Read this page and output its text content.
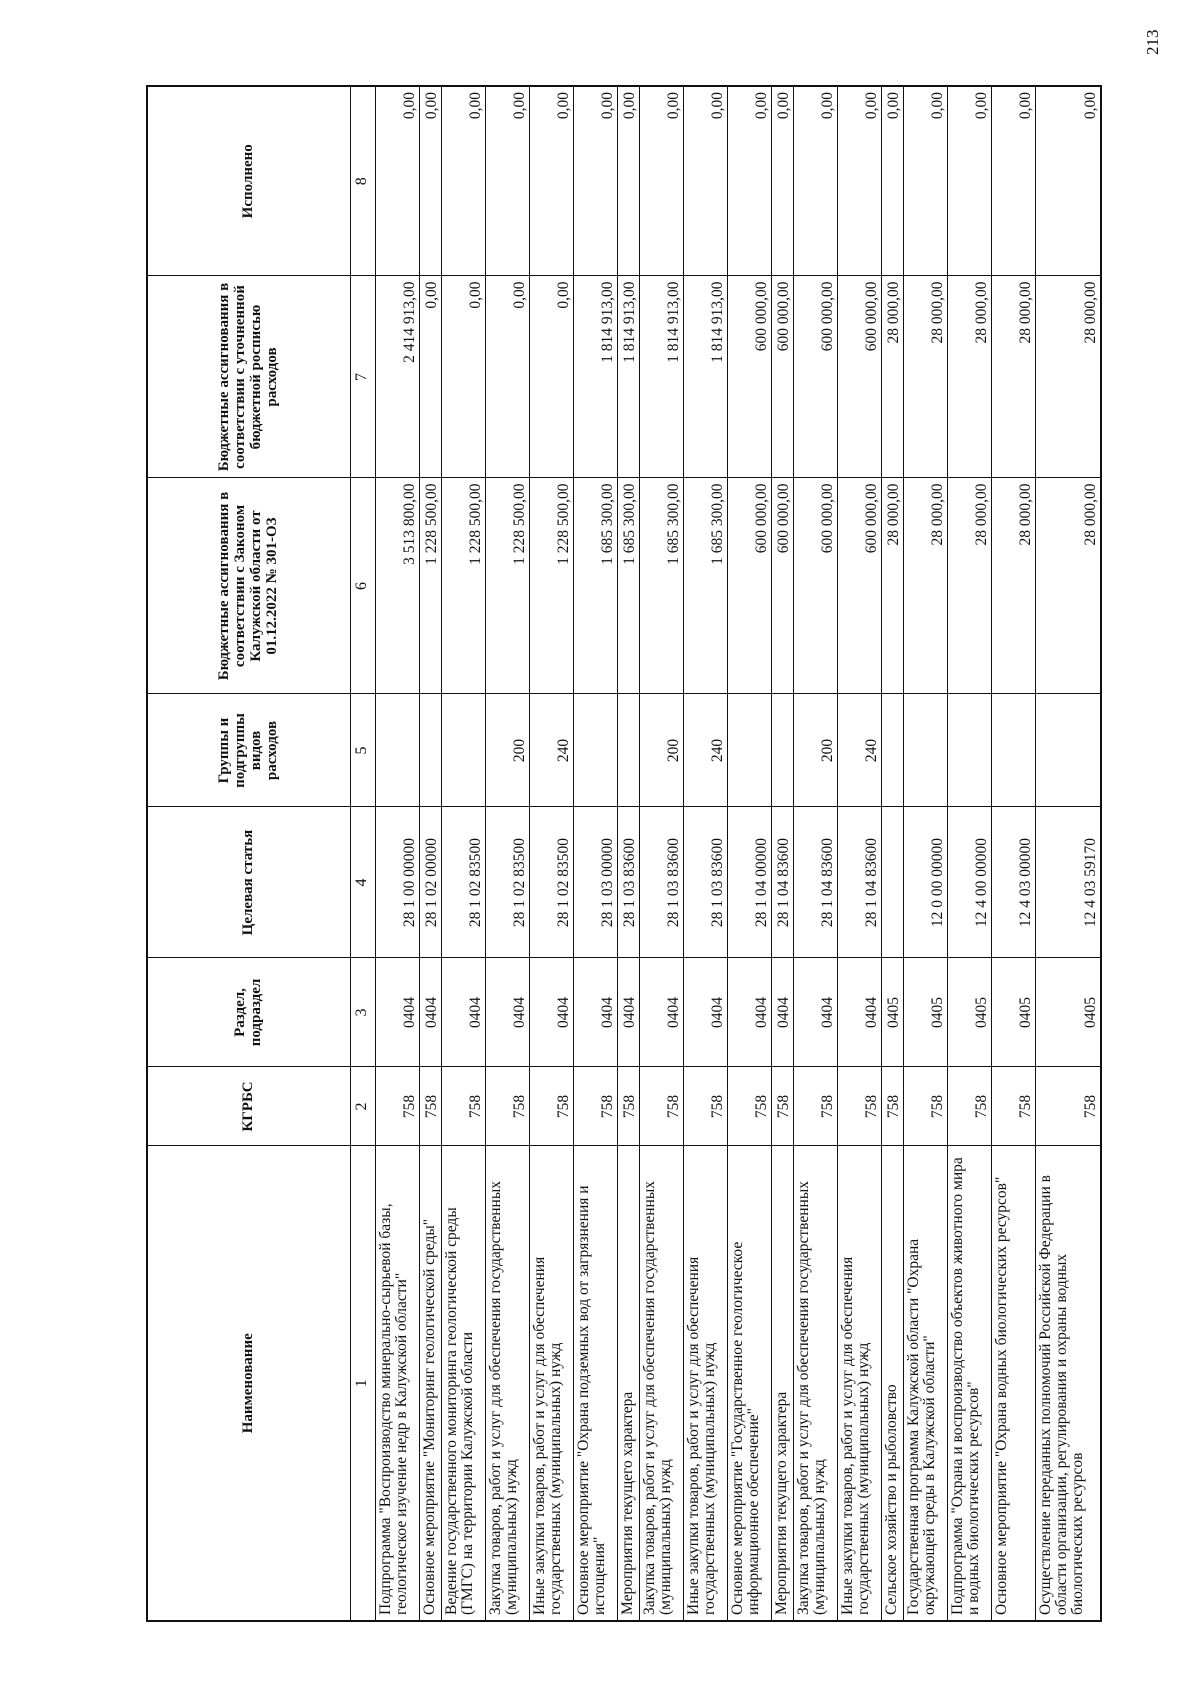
213
Наименование	КГРБС	Раздел, подраздел	Целевая статья	Группы и подгруппы видов расходов	Бюджетные ассигнования в соответствии с Законом Калужской области от 01.12.2022 № 301-ОЗ	Бюджетные ассигнования в соответствии с уточненной бюджетной росписью расходов	Исполнено
1	2	3	4	5	6	7	8
Подпрограмма "Воспроизводство минерально-сырьевой базы, геологическое изучение недр в Калужской области"	758	0404	28 1 00 00000		3 513 800,00	2 414 913,00	0,00
Основное мероприятие "Мониторинг геологической среды"	758	0404	28 1 02 00000		1 228 500,00	0,00	0,00
Ведение государственного мониторинга геологической среды (ГМГС) на территории Калужской области	758	0404	28 1 02 83500		1 228 500,00	0,00	0,00
Закупка товаров, работ и услуг для обеспечения государственных (муниципальных) нужд	758	0404	28 1 02 83500	200	1 228 500,00	0,00	0,00
Иные закупки товаров, работ и услуг для обеспечения государственных (муниципальных) нужд	758	0404	28 1 02 83500	240	1 228 500,00	0,00	0,00
Основное мероприятие "Охрана подземных вод от загрязнения и истощения"	758	0404	28 1 03 00000		1 685 300,00	1 814 913,00	0,00
Мероприятия текущего характера	758	0404	28 1 03 83600		1 685 300,00	1 814 913,00	0,00
Закупка товаров, работ и услуг для обеспечения государственных (муниципальных) нужд	758	0404	28 1 03 83600	200	1 685 300,00	1 814 913,00	0,00
Иные закупки товаров, работ и услуг для обеспечения государственных (муниципальных) нужд	758	0404	28 1 03 83600	240	1 685 300,00	1 814 913,00	0,00
Основное мероприятие "Государственное геологическое информационное обеспечение"	758	0404	28 1 04 00000		600 000,00	600 000,00	0,00
Мероприятия текущего характера	758	0404	28 1 04 83600		600 000,00	600 000,00	0,00
Закупка товаров, работ и услуг для обеспечения государственных (муниципальных) нужд	758	0404	28 1 04 83600	200	600 000,00	600 000,00	0,00
Иные закупки товаров, работ и услуг для обеспечения государственных (муниципальных) нужд	758	0404	28 1 04 83600	240	600 000,00	600 000,00	0,00
Сельское хозяйство и рыболовство	758	0405			28 000,00	28 000,00	0,00
Государственная программа Калужской области "Охрана окружающей среды в Калужской области"	758	0405	12 0 00 00000		28 000,00	28 000,00	0,00
Подпрограмма "Охрана и воспроизводство объектов животного мира и водных биологических ресурсов"	758	0405	12 4 00 00000		28 000,00	28 000,00	0,00
Основное мероприятие "Охрана водных биологических ресурсов"	758	0405	12 4 03 00000		28 000,00	28 000,00	0,00
Осуществление переданных полномочий Российской Федерации в области организации, регулирования и охраны водных биологических ресурсов	758	0405	12 4 03 59170		28 000,00	28 000,00	0,00
